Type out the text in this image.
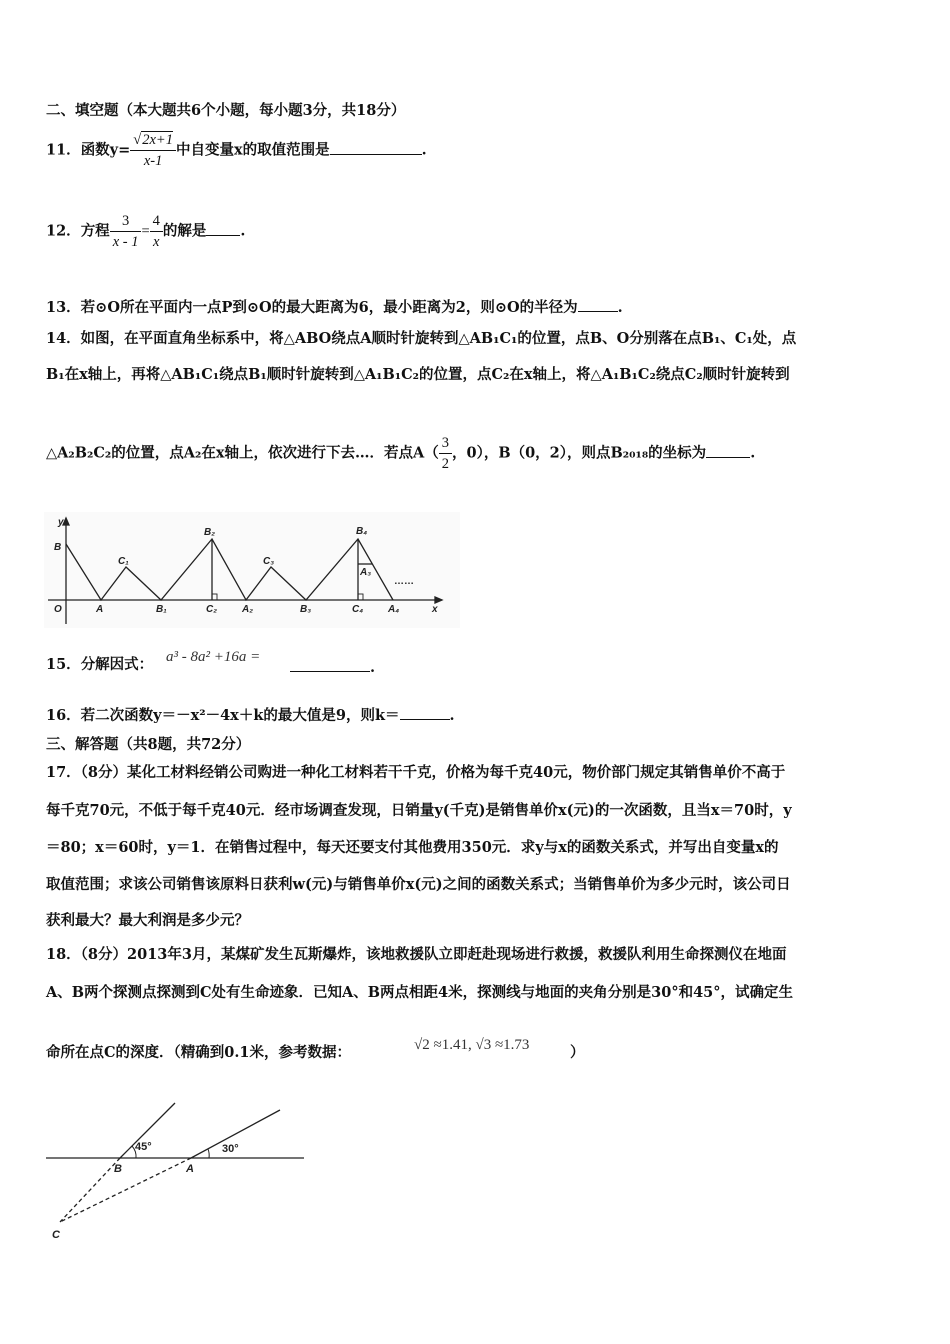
二、填空题（本大题共6个小题，每小题3分，共18分）
11．函数$y= \frac{√2x+1}{x-1}$ 中自变量x的取值范围是	.
12．方程 $\frac{3}{x - 1} = \frac{4}{x}$ 的解是 .
13．若⊙O所在平面内一点P到⊙O的最大距离为6，最小距离为2，则⊙O的半径为	.
14．如图，在平面直角坐标系中，将△ABO绕点A顺时针旋转到△AB₁C₁的位置，点B、O分别落在点B₁、C₁处，点
B₁在x轴上，再将△AB₁C₁绕点B₁顺时针旋转到△A₁B₁C₂的位置，点C₂在x轴上，将△A₁B₁C₂绕点C₂顺时针旋转到
△A₂B₂C₂的位置，点A₂在x轴上，依次进行下去…．若点$A( \frac{3}{2}$ ，0），B（0，2），则点B₂₀₁₈的坐标为	.
y
x
O
B
A
C₁
B₁	C₂
B₂
A₂
C₃
B₃	C₄
B₄
A₃
A₄
……
15．分解因式： a³ - 8a² +16a =
.
16．若二次函数y＝－x²－4x＋k的最大值是9，则k＝	.
三、解答题（共8题，共72分）
17．（8分）某化工材料经销公司购进一种化工材料若干千克，价格为每千克40元，物价部门规定其销售单价不高于
每千克70元，不低于每千克40元．经市场调查发现，日销量y(千克)是销售单价x(元)的一次函数，且当x＝70时，y
＝80；x＝60时，y＝1．在销售过程中，每天还要支付其他费用350元．求y与x的函数关系式，并写出自变量x的
取值范围；求该公司销售该原料日获利w(元)与销售单价x(元)之间的函数关系式；当销售单价为多少元时，该公司日
获利最大？最大利润是多少元？
18．（8分）2013年3月，某煤矿发生瓦斯爆炸，该地救援队立即赶赴现场进行救援，救援队利用生命探测仪在地面
A、B两个探测点探测到C处有生命迹象．已知A、B两点相距4米，探测线与地面的夹角分别是30°和45°，试确定生
命所在点C的深度．（精确到0.1米，参考数据：	√2 ≈1.41, √3 ≈1.73	）
45°	30°
B	A
C
